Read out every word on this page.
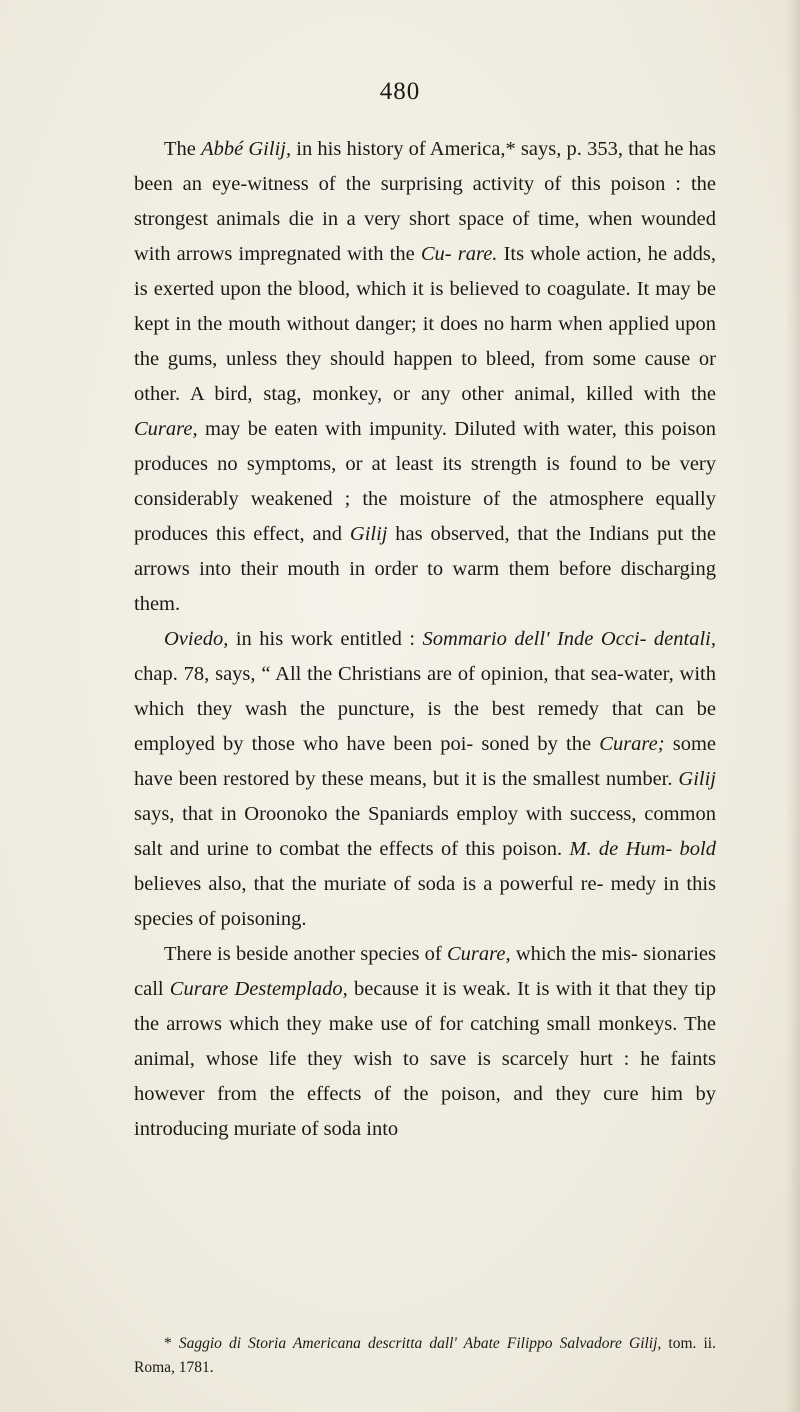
480

The Abbé Gilij, in his history of America,* says, p. 353, that he has been an eye-witness of the surprising activity of this poison : the strongest animals die in a very short space of time, when wounded with arrows impregnated with the Cu- rare. Its whole action, he adds, is exerted upon the blood, which it is believed to coagulate. It may be kept in the mouth without danger; it does no harm when applied upon the gums, unless they should happen to bleed, from some cause or other. A bird, stag, monkey, or any other animal, killed with the Curare, may be eaten with impunity. Diluted with water, this poison produces no symptoms, or at least its strength is found to be very considerably weakened ; the moisture of the atmosphere equally produces this effect, and Gilij has observed, that the Indians put the arrows into their mouth in order to warm them before discharging them.

Oviedo, in his work entitled : Sommario dell' Inde Occi- dentali, chap. 78, says, “ All the Christians are of opinion, that sea-water, with which they wash the puncture, is the best remedy that can be employed by those who have been poi- soned by the Curare; some have been restored by these means, but it is the smallest number. Gilij says, that in Oroonoko the Spaniards employ with success, common salt and urine to combat the effects of this poison. M. de Hum- bold believes also, that the muriate of soda is a powerful re- medy in this species of poisoning.

There is beside another species of Curare, which the mis- sionaries call Curare Destemplado, because it is weak. It is with it that they tip the arrows which they make use of for catching small monkeys. The animal, whose life they wish to save is scarcely hurt : he faints however from the effects of the poison, and they cure him by introducing muriate of soda into

* Saggio di Storia Americana descritta dall' Abate Filippo Salvadore Gilij, tom. ii. Roma, 1781.
